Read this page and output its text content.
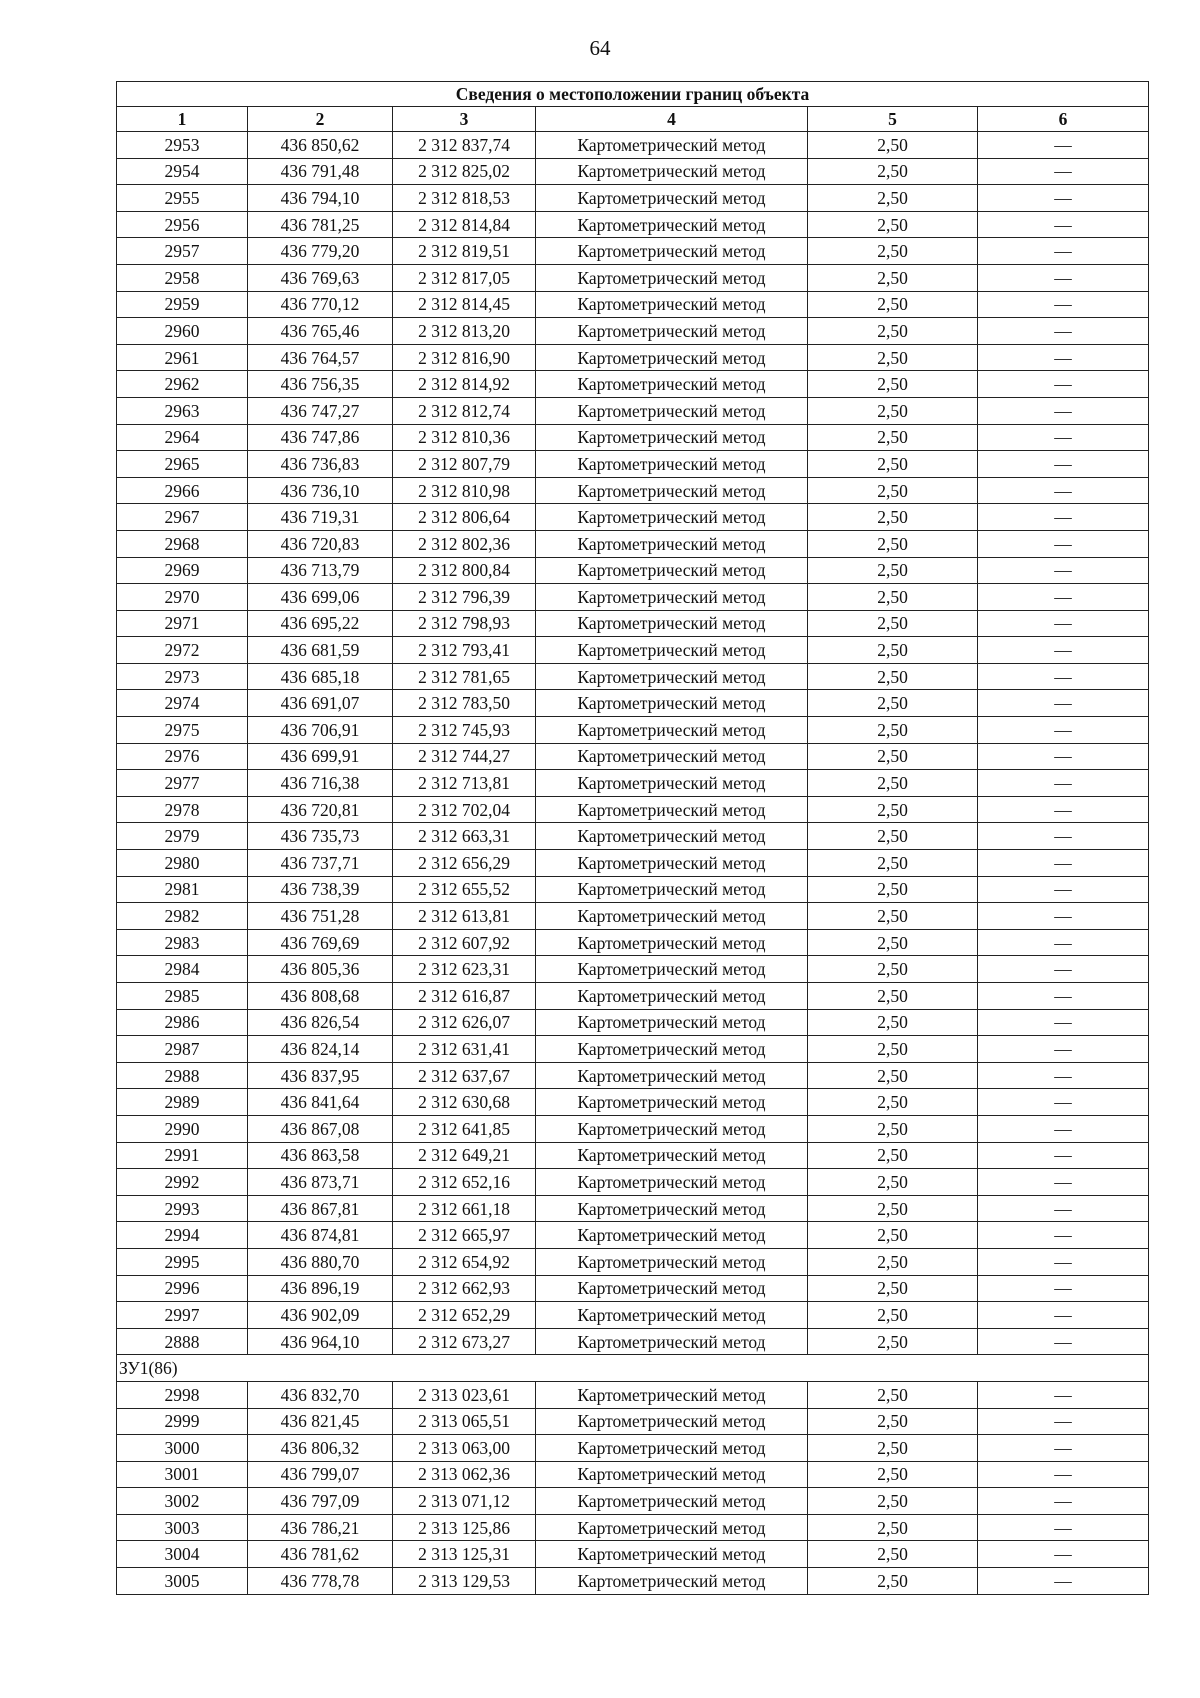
64
Сведения о местоположении границ объекта					
1	2	3	4	5	6
2953	436 850,62	2 312 837,74	Картометрический метод	2,50	—
2954	436 791,48	2 312 825,02	Картометрический метод	2,50	—
2955	436 794,10	2 312 818,53	Картометрический метод	2,50	—
2956	436 781,25	2 312 814,84	Картометрический метод	2,50	—
2957	436 779,20	2 312 819,51	Картометрический метод	2,50	—
2958	436 769,63	2 312 817,05	Картометрический метод	2,50	—
2959	436 770,12	2 312 814,45	Картометрический метод	2,50	—
2960	436 765,46	2 312 813,20	Картометрический метод	2,50	—
2961	436 764,57	2 312 816,90	Картометрический метод	2,50	—
2962	436 756,35	2 312 814,92	Картометрический метод	2,50	—
2963	436 747,27	2 312 812,74	Картометрический метод	2,50	—
2964	436 747,86	2 312 810,36	Картометрический метод	2,50	—
2965	436 736,83	2 312 807,79	Картометрический метод	2,50	—
2966	436 736,10	2 312 810,98	Картометрический метод	2,50	—
2967	436 719,31	2 312 806,64	Картометрический метод	2,50	—
2968	436 720,83	2 312 802,36	Картометрический метод	2,50	—
2969	436 713,79	2 312 800,84	Картометрический метод	2,50	—
2970	436 699,06	2 312 796,39	Картометрический метод	2,50	—
2971	436 695,22	2 312 798,93	Картометрический метод	2,50	—
2972	436 681,59	2 312 793,41	Картометрический метод	2,50	—
2973	436 685,18	2 312 781,65	Картометрический метод	2,50	—
2974	436 691,07	2 312 783,50	Картометрический метод	2,50	—
2975	436 706,91	2 312 745,93	Картометрический метод	2,50	—
2976	436 699,91	2 312 744,27	Картометрический метод	2,50	—
2977	436 716,38	2 312 713,81	Картометрический метод	2,50	—
2978	436 720,81	2 312 702,04	Картометрический метод	2,50	—
2979	436 735,73	2 312 663,31	Картометрический метод	2,50	—
2980	436 737,71	2 312 656,29	Картометрический метод	2,50	—
2981	436 738,39	2 312 655,52	Картометрический метод	2,50	—
2982	436 751,28	2 312 613,81	Картометрический метод	2,50	—
2983	436 769,69	2 312 607,92	Картометрический метод	2,50	—
2984	436 805,36	2 312 623,31	Картометрический метод	2,50	—
2985	436 808,68	2 312 616,87	Картометрический метод	2,50	—
2986	436 826,54	2 312 626,07	Картометрический метод	2,50	—
2987	436 824,14	2 312 631,41	Картометрический метод	2,50	—
2988	436 837,95	2 312 637,67	Картометрический метод	2,50	—
2989	436 841,64	2 312 630,68	Картометрический метод	2,50	—
2990	436 867,08	2 312 641,85	Картометрический метод	2,50	—
2991	436 863,58	2 312 649,21	Картометрический метод	2,50	—
2992	436 873,71	2 312 652,16	Картометрический метод	2,50	—
2993	436 867,81	2 312 661,18	Картометрический метод	2,50	—
2994	436 874,81	2 312 665,97	Картометрический метод	2,50	—
2995	436 880,70	2 312 654,92	Картометрический метод	2,50	—
2996	436 896,19	2 312 662,93	Картометрический метод	2,50	—
2997	436 902,09	2 312 652,29	Картометрический метод	2,50	—
2888	436 964,10	2 312 673,27	Картометрический метод	2,50	—
ЗУ1(86)					
2998	436 832,70	2 313 023,61	Картометрический метод	2,50	—
2999	436 821,45	2 313 065,51	Картометрический метод	2,50	—
3000	436 806,32	2 313 063,00	Картометрический метод	2,50	—
3001	436 799,07	2 313 062,36	Картометрический метод	2,50	—
3002	436 797,09	2 313 071,12	Картометрический метод	2,50	—
3003	436 786,21	2 313 125,86	Картометрический метод	2,50	—
3004	436 781,62	2 313 125,31	Картометрический метод	2,50	—
3005	436 778,78	2 313 129,53	Картометрический метод	2,50	—
